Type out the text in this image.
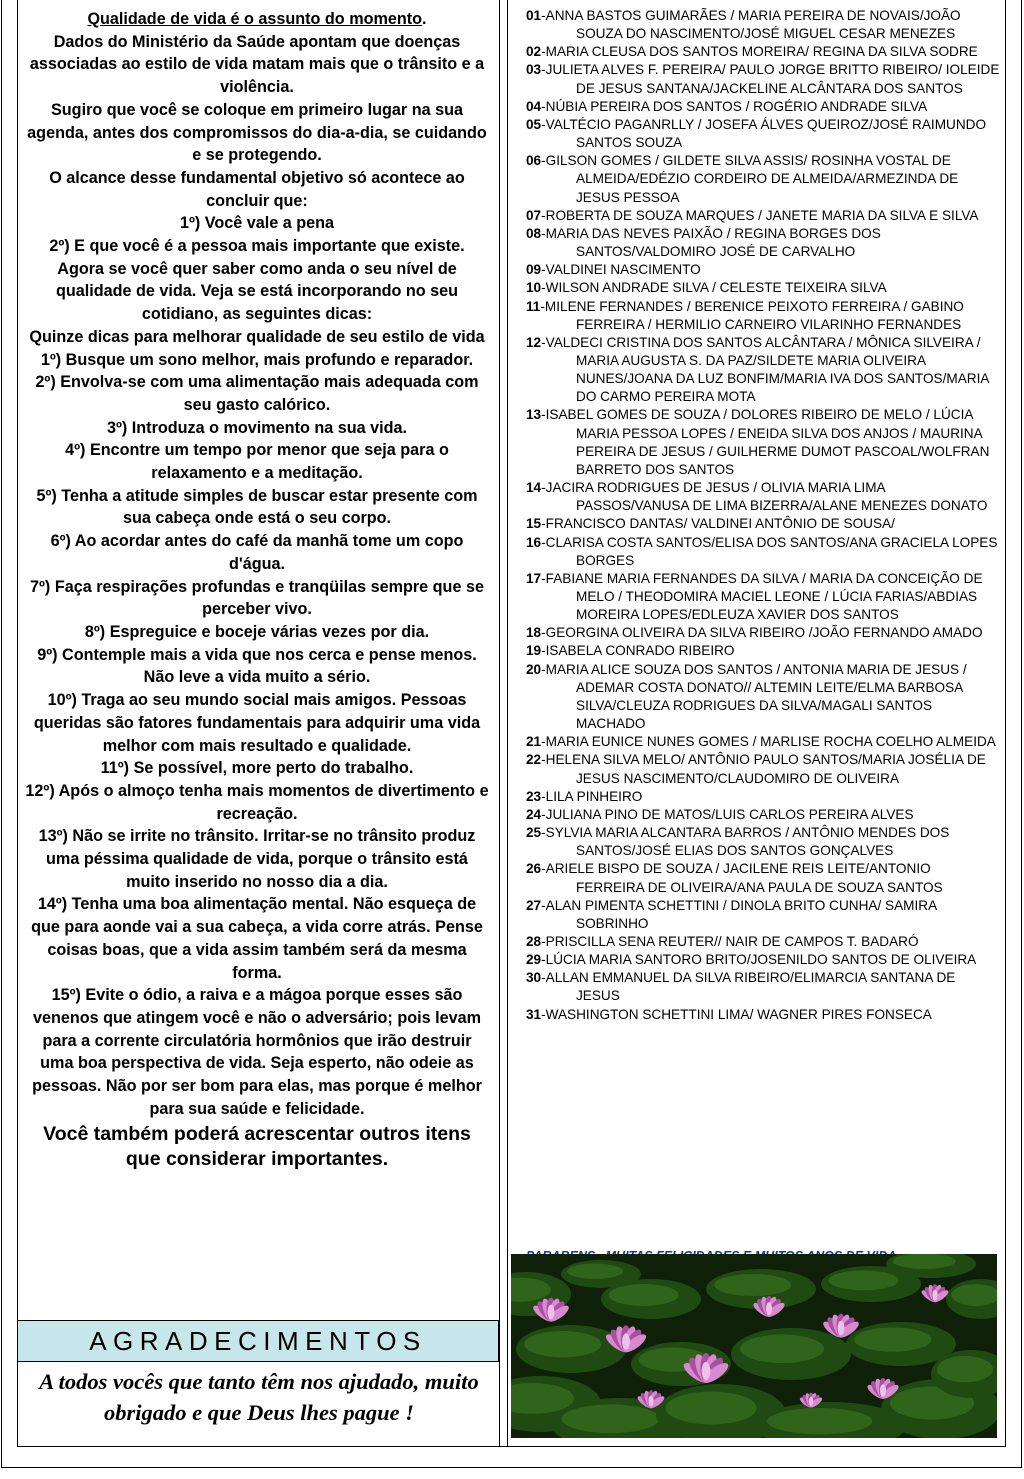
Qualidade de vida é o assunto do momento.

Dados do Ministério da Saúde apontam que doenças associadas ao estilo de vida matam mais que o trânsito e a violência.

Sugiro que você se coloque em primeiro lugar na sua agenda, antes dos compromissos do dia-a-dia, se cuidando e se protegendo.

O alcance desse fundamental objetivo só acontece ao concluir que:

1º) Você vale a pena

2º) E que você é a pessoa mais importante que existe.

Agora se você quer saber como anda o seu nível de qualidade de vida. Veja se está incorporando no seu cotidiano, as seguintes dicas:

Quinze dicas para melhorar qualidade de seu estilo de vida

1º) Busque um sono melhor, mais profundo e reparador.

2º) Envolva-se com uma alimentação mais adequada com seu gasto calórico.

3º) Introduza o movimento na sua vida.

4º) Encontre um tempo por menor que seja para o relaxamento e a meditação.

5º) Tenha a atitude simples de buscar estar presente com sua cabeça onde está o seu corpo.

6º) Ao acordar antes do café da manhã tome um copo d'água.

7º) Faça respirações profundas e tranqüilas sempre que se perceber vivo.

8º) Espreguice e boceje várias vezes por dia.

9º) Contemple mais a vida que nos cerca e pense menos. Não leve a vida muito a sério.

10º) Traga ao seu mundo social mais amigos. Pessoas queridas são fatores fundamentais para adquirir uma vida melhor com mais resultado e qualidade.

11º) Se possível, more perto do trabalho.

12º) Após o almoço tenha mais momentos de divertimento e recreação.

13º) Não se irrite no trânsito. Irritar-se no trânsito produz uma péssima qualidade de vida, porque o trânsito está muito inserido no nosso dia a dia.

14º) Tenha uma boa alimentação mental. Não esqueça de que para aonde vai a sua cabeça, a vida corre atrás. Pense coisas boas, que a vida assim também será da mesma forma.

15º) Evite o ódio, a raiva e a mágoa porque esses são venenos que atingem você e não o adversário; pois levam para a corrente circulatória hormônios que irão destruir uma boa perspectiva de vida. Seja esperto, não odeie as pessoas. Não por ser bom para elas, mas porque é melhor para sua saúde e felicidade.

Você também poderá acrescentar outros itens que considerar importantes.

AGRADECIMENTOS
A todos vocês que tanto têm nos ajudado, muito obrigado e que Deus lhes pague !
01-ANNA BASTOS GUIMARÃES / MARIA PEREIRA DE NOVAIS/JOÃO SOUZA DO NASCIMENTO/JOSÉ MIGUEL CESAR MENEZES
02-MARIA CLEUSA DOS SANTOS MOREIRA/ REGINA DA SILVA SODRE
03-JULIETA ALVES F. PEREIRA/ PAULO JORGE BRITTO RIBEIRO/ IOLEIDE DE JESUS SANTANA/JACKELINE ALCÂNTARA DOS SANTOS
04-NÚBIA PEREIRA DOS SANTOS / ROGÉRIO ANDRADE SILVA
05-VALTÉCIO PAGANRLLY / JOSEFA ÁLVES QUEIROZ/JOSÉ RAIMUNDO SANTOS SOUZA
06-GILSON GOMES / GILDETE SILVA ASSIS/ ROSINHA VOSTAL DE ALMEIDA/EDÉZIO CORDEIRO DE ALMEIDA/ARMEZINDA DE JESUS PESSOA
07-ROBERTA DE SOUZA MARQUES / JANETE MARIA DA SILVA E SILVA
08-MARIA DAS NEVES PAIXÃO / REGINA BORGES DOS SANTOS/VALDOMIRO JOSÉ DE CARVALHO
09-VALDINEI NASCIMENTO
10-WILSON ANDRADE SILVA / CELESTE TEIXEIRA SILVA
11-MILENE FERNANDES / BERENICE PEIXOTO FERREIRA / GABINO FERREIRA / HERMILIO CARNEIRO VILARINHO FERNANDES
12-VALDECI CRISTINA DOS SANTOS ALCÂNTARA / MÔNICA SILVEIRA / MARIA AUGUSTA S. DA PAZ/SILDETE MARIA OLIVEIRA NUNES/JOANA DA LUZ BONFIM/MARIA IVA DOS SANTOS/MARIA DO CARMO PEREIRA MOTA
13-ISABEL GOMES DE SOUZA / DOLORES RIBEIRO DE MELO / LÚCIA MARIA PESSOA LOPES / ENEIDA SILVA DOS ANJOS / MAURINA PEREIRA DE JESUS / GUILHERME DUMOT PASCOAL/WOLFRAN BARRETO DOS SANTOS
14-JACIRA RODRIGUES DE JESUS / OLIVIA MARIA LIMA PASSOS/VANUSA DE LIMA BIZERRA/ALANE MENEZES DONATO
15-FRANCISCO DANTAS/ VALDINEI ANTÔNIO DE SOUSA/
16-CLARISA COSTA SANTOS/ELISA DOS SANTOS/ANA GRACIELA LOPES BORGES
17-FABIANE MARIA FERNANDES DA SILVA / MARIA DA CONCEIÇÃO DE MELO / THEODOMIRA MACIEL LEONE / LÚCIA FARIAS/ABDIAS MOREIRA LOPES/EDLEUZA XAVIER DOS SANTOS
18-GEORGINA OLIVEIRA DA SILVA RIBEIRO /JOÃO FERNANDO AMADO
19-ISABELA CONRADO RIBEIRO
20-MARIA ALICE SOUZA DOS SANTOS / ANTONIA MARIA DE JESUS / ADEMAR COSTA DONATO// ALTEMIN LEITE/ELMA BARBOSA SILVA/CLEUZA RODRIGUES DA SILVA/MAGALI SANTOS MACHADO
21-MARIA EUNICE NUNES GOMES / MARLISE ROCHA COELHO ALMEIDA
22-HELENA SILVA MELO/ ANTÔNIO PAULO SANTOS/MARIA JOSÉLIA DE JESUS NASCIMENTO/CLAUDOMIRO DE OLIVEIRA
23-LILA PINHEIRO
24-JULIANA PINO DE MATOS/LUIS CARLOS PEREIRA ALVES
25-SYLVIA MARIA ALCANTARA BARROS / ANTÔNIO MENDES DOS SANTOS/JOSÉ ELIAS DOS SANTOS GONÇALVES
26-ARIELE BISPO DE SOUZA / JACILENE REIS LEITE/ANTONIO FERREIRA DE OLIVEIRA/ANA PAULA DE SOUZA SANTOS
27-ALAN PIMENTA SCHETTINI / DINOLA BRITO CUNHA/ SAMIRA SOBRINHO
28-PRISCILLA SENA REUTER// NAIR DE CAMPOS T. BADARÓ
29-LÚCIA MARIA SANTORO BRITO/JOSENILDO SANTOS DE OLIVEIRA
30-ALLAN EMMANUEL DA SILVA RIBEIRO/ELIMARCIA SANTANA DE JESUS
31-WASHINGTON SCHETTINI LIMA/ WAGNER PIRES FONSECA
